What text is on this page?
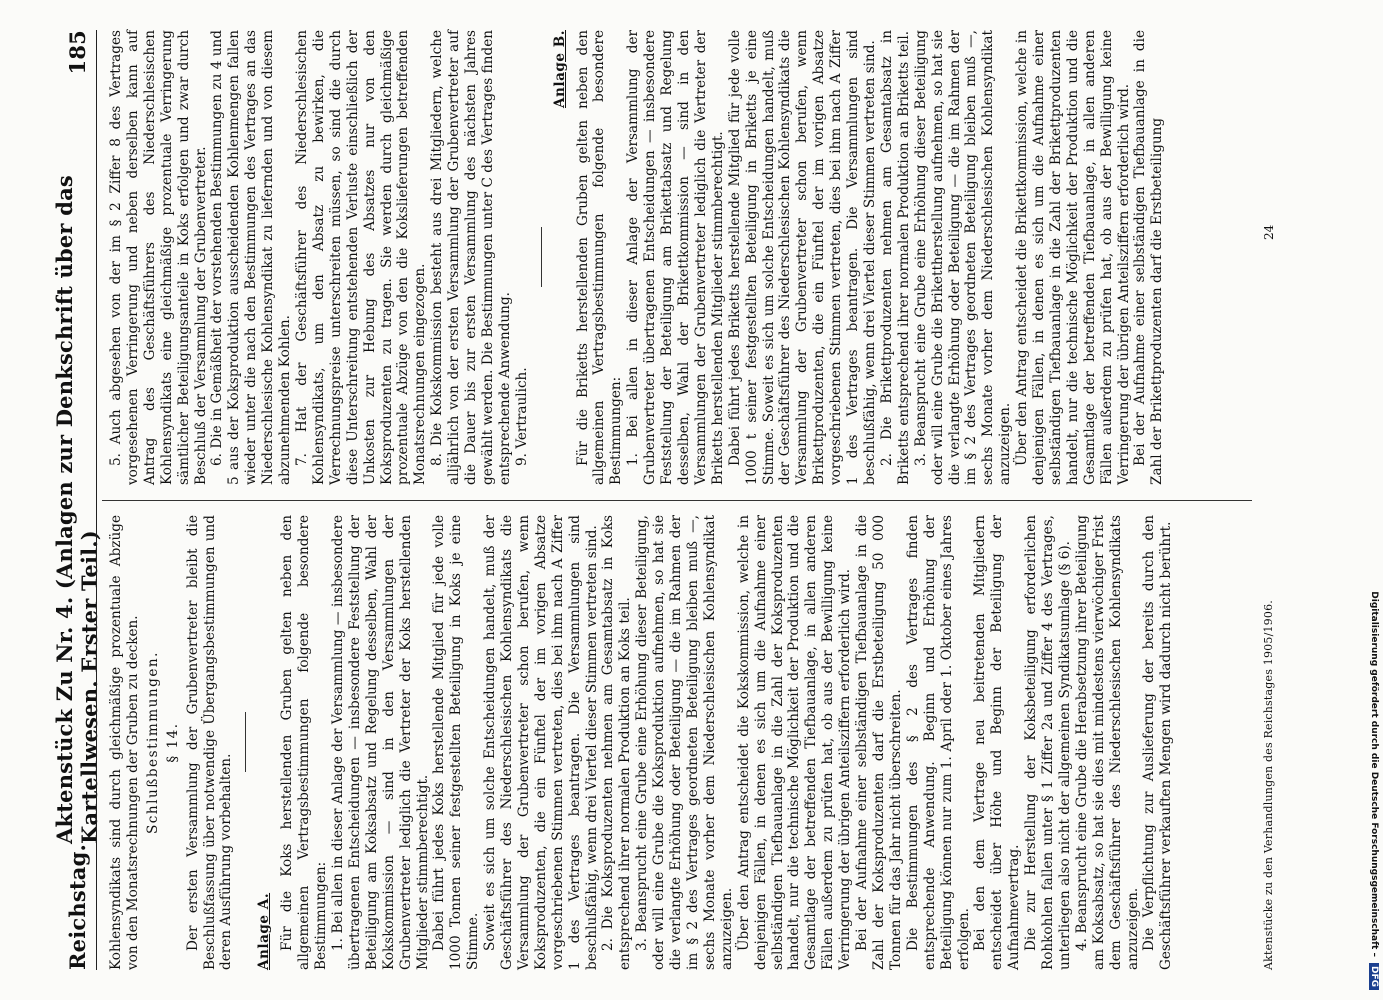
Reichstag.
Aktenstück Zu Nr. 4. (Anlagen zur Denkschrift über das Kartellwesen. Erster Teil.)
185

Kohlensyndikats sind durch gleichmäßige prozentuale Abzüge von den Monatsrechnungen der Gruben zu decken. Schlußbestimmungen. § 14. Der ersten Versammlung der Grubenvertreter bleibt die Beschlußfassung über notwendige Übergangsbestimmungen und deren Ausführung vorbehalten. Anlage A. Für die Koks herstellenden Gruben gelten neben den allgemeinen Vertragsbestimmungen folgende besondere Bestimmungen: 1. Bei allen in dieser Anlage der Versammlung — insbesondere übertragenen Entscheidungen — insbesondere Feststellung der Beteiligung am Koksabsatz und Regelung desselben, Wahl der Kokskommission — sind in den Versammlungen der Grubenvertreter lediglich die Vertreter der Koks herstellenden Mitglieder stimmberechtigt. Dabei führt jedes Koks herstellende Mitglied für jede volle 1000 Tonnen seiner festgestellten Beteiligung in Koks je eine Stimme. Soweit es sich um solche Entscheidungen handelt, muß der Geschäftsführer des Niederschlesischen Kohlensyndikats die Versammlung der Grubenvertreter schon berufen, wenn Koksproduzenten, die ein Fünftel der im vorigen Absatze vorgeschriebenen Stimmen vertreten, dies bei ihm nach A Ziffer 1 des Vertrages beantragen. Die Versammlungen sind beschlußfähig, wenn drei Viertel dieser Stimmen vertreten sind. 2. Die Koksproduzenten nehmen am Gesamtabsatz in Koks entsprechend ihrer normalen Produktion an Koks teil. 3. Beansprucht eine Grube eine Erhöhung dieser Beteiligung, oder will eine Grube die Koksproduktion aufnehmen, so hat sie die verlangte Erhöhung oder Beteiligung — die im Rahmen der im § 2 des Vertrages geordneten Beteiligung bleiben muß —, sechs Monate vorher dem Niederschlesischen Kohlensyndikat anzuzeigen. Über den Antrag entscheidet die Kokskommission, welche in denjenigen Fällen, in denen es sich um die Aufnahme einer selbständigen Tiefbauanlage in die Zahl der Koksproduzenten handelt, nur die technische Möglichkeit der Produktion und die Gesamtlage der betreffenden Tiefbauanlage, in allen anderen Fällen außerdem zu prüfen hat, ob aus der Bewilligung keine Verringerung der übrigen Anteilsziffern erforderlich wird. Bei der Aufnahme einer selbständigen Tiefbauanlage in die Zahl der Koksproduzenten darf die Erstbeteiligung 50 000 Tonnen für das Jahr nicht überschreiten. Die Bestimmungen des § 2 des Vertrages finden entsprechende Anwendung. Beginn und Erhöhung der Beteiligung können nur zum 1. April oder 1. Oktober eines Jahres erfolgen. Bei den dem Vertrage neu beitretenden Mitgliedern entscheidet über Höhe und Beginn der Beteiligung der Aufnahmevertrag. Die zur Herstellung der Koksbeteiligung erforderlichen Rohkohlen fallen unter § 1 Ziffer 2a und Ziffer 4 des Vertrages, unterliegen also nicht der allgemeinen Syndikatsumlage (§ 6). 4. Beansprucht eine Grube die Herabsetzung ihrer Beteiligung am Koksabsatz, so hat sie dies mit mindestens vierwöchiger Frist dem Geschäftsführer des Niederschlesischen Kohlensyndikats anzuzeigen. Die Verpflichtung zur Auslieferung der bereits durch den Geschäftsführer verkauften Mengen wird dadurch nicht berührt.

5. Auch abgesehen von der im § 2 Ziffer 8 des Vertrages vorgesehenen Verringerung und neben derselben kann auf Antrag des Geschäftsführers des Niederschlesischen Kohlensyndikats eine gleichmäßige prozentuale Verringerung sämtlicher Beteiligungsanteile in Koks erfolgen und zwar durch Beschluß der Versammlung der Grubenvertreter. 6. Die in Gemäßheit der vorstehenden Bestimmungen zu 4 und 5 aus der Koksproduktion ausscheidenden Kohlenmengen fallen wieder unter die nach den Bestimmungen des Vertrages an das Niederschlesische Kohlensyndikat zu liefernden und von diesem abzunehmenden Kohlen. 7. Hat der Geschäftsführer des Niederschlesischen Kohlensyndikats, um den Absatz zu bewirken, die Verrechnungspreise unterschreiten müssen, so sind die durch diese Unterschreitung entstehenden Verluste einschließlich der Unkosten zur Hebung des Absatzes nur von den Koksproduzenten zu tragen. Sie werden durch gleichmäßige prozentuale Abzüge von den die Kokslieferungen betreffenden Monatsrechnungen eingezogen. 8. Die Kokskommission besteht aus drei Mitgliedern, welche alljährlich von der ersten Versammlung der Grubenvertreter auf die Dauer bis zur ersten Versammlung des nächsten Jahres gewählt werden. Die Bestimmungen unter C des Vertrages finden entsprechende Anwendung. 9. Vertraulich.

Anlage B. Für die Briketts herstellenden Gruben gelten neben den allgemeinen Vertragsbestimmungen folgende besondere Bestimmungen: 1. Bei allen in dieser Anlage der Versammlung der Grubenvertreter übertragenen Entscheidungen — insbesondere Feststellung der Beteiligung am Brikettabsatz und Regelung desselben, Wahl der Brikettkommission — sind in den Versammlungen der Grubenvertreter lediglich die Vertreter der Briketts herstellenden Mitglieder stimmberechtigt. Dabei führt jedes Briketts herstellende Mitglied für jede volle 1000 t seiner festgestellten Beteiligung in Briketts je eine Stimme. Soweit es sich um solche Entscheidungen handelt, muß der Geschäftsführer des Niederschlesischen Kohlensyndikats die Versammlung der Grubenvertreter schon berufen, wenn Brikettproduzenten, die ein Fünftel der im vorigen Absatze vorgeschriebenen Stimmen vertreten, dies bei ihm nach A Ziffer 1 des Vertrages beantragen. Die Versammlungen sind beschlußfähig, wenn drei Viertel dieser Stimmen vertreten sind. 2. Die Brikettproduzenten nehmen am Gesamtabsatz in Briketts entsprechend ihrer normalen Produktion an Briketts teil. 3. Beansprucht eine Grube eine Erhöhung dieser Beteiligung oder will eine Grube die Brikettherstellung aufnehmen, so hat sie die verlangte Erhöhung oder Beteiligung — die im Rahmen der im § 2 des Vertrages geordneten Beteiligung bleiben muß —, sechs Monate vorher dem Niederschlesischen Kohlensyndikat anzuzeigen. Über den Antrag entscheidet die Brikettkommission, welche in denjenigen Fällen, in denen es sich um die Aufnahme einer selbständigen Tiefbauanlage in die Zahl der Brikettproduzenten handelt, nur die technische Möglichkeit der Produktion und die Gesamtlage der betreffenden Tiefbauanlage, in allen anderen Fällen außerdem zu prüfen hat, ob aus der Bewilligung keine Verringerung der übrigen Anteilsziffern erforderlich wird. Bei der Aufnahme einer selbständigen Tiefbauanlage in die Zahl der Brikettproduzenten darf die Erstbeteiligung

Aktenstücke zu den Verhandlungen des Reichstages 1905/1906.
24
Digitalisierung gefördert durch die Deutsche Forschungsgemeinschaft –DFG
